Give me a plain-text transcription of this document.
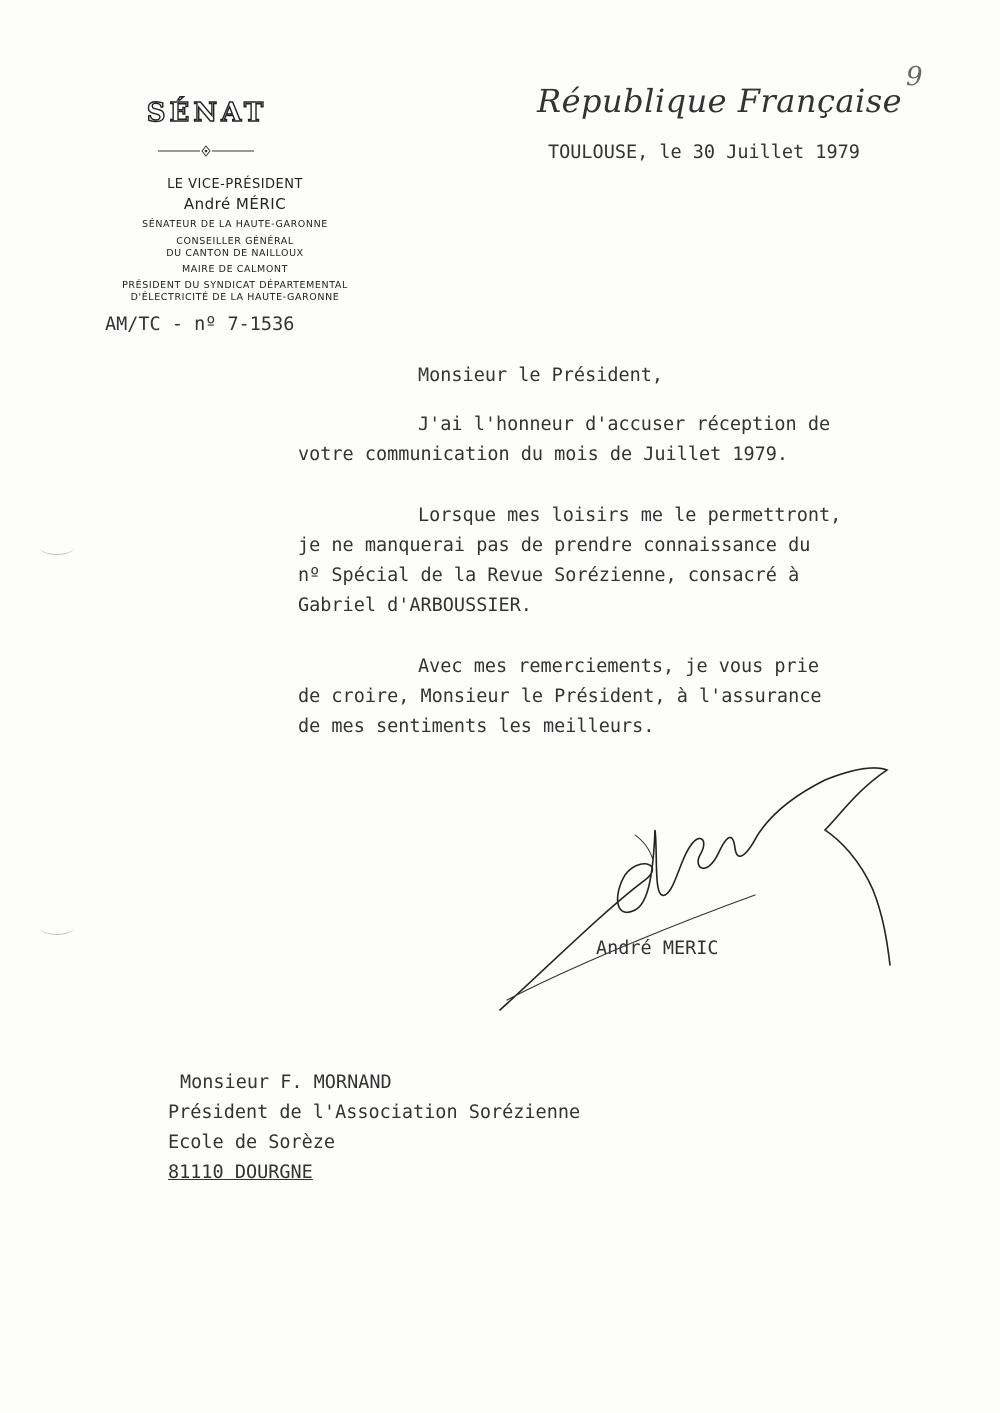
SÉNAT
LE VICE-PRÉSIDENT
André MÉRIC
SÉNATEUR DE LA HAUTE-GARONNE
CONSEILLER GÉNÉRAL
DU CANTON DE NAILLOUX
MAIRE DE CALMONT
PRÉSIDENT DU SYNDICAT DÉPARTEMENTAL
D'ÉLECTRICITÉ DE LA HAUTE-GARONNE
AM/TC - nº 7-1536
République Française
9
TOULOUSE, le 30 Juillet 1979
Monsieur le Président,
J'ai l'honneur d'accuser réception de
votre communication du mois de Juillet 1979.
Lorsque mes loisirs me le permettront,
je ne manquerai pas de prendre connaissance du
nº Spécial de la Revue Sorézienne, consacré à
Gabriel d'ARBOUSSIER.
Avec mes remerciements, je vous prie
de croire, Monsieur le Président, à l'assurance
de mes sentiments les meilleurs.
André MERIC
Monsieur F. MORNAND
Président de l'Association Sorézienne
Ecole de Sorèze
81110 DOURGNE
